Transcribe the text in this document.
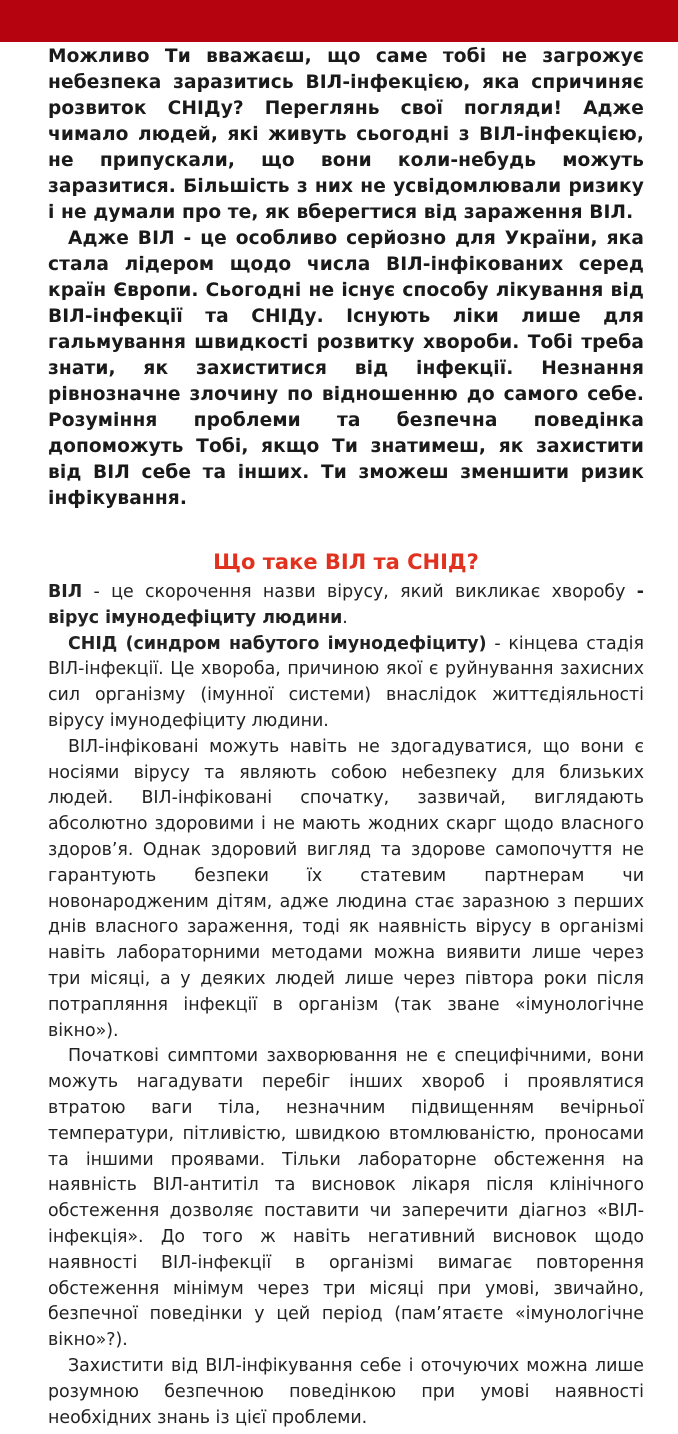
Можливо Ти вважаєш, що саме тобі не загрожує небезпека заразитись ВІЛ-інфекцією, яка спричиняє розвиток СНІДу? Переглянь свої погляди! Адже чимало людей, які живуть сьогодні з ВІЛ-інфекцією, не припускали, що вони коли-небудь можуть заразитися. Більшість з них не усвідомлювали ризику і не думали про те, як вберегтися від зараження ВІЛ.

Адже ВІЛ - це особливо серйозно для України, яка стала лідером щодо числа ВІЛ-інфікованих серед країн Європи. Сьогодні не існує способу лікування від ВІЛ-інфекції та СНІДу. Існують ліки лише для гальмування швидкості розвитку хвороби. Тобі треба знати, як захиститися від інфекції. Незнання рівнозначне злочину по відношенню до самого себе. Розуміння проблеми та безпечна поведінка допоможуть Тобі, якщо Ти знатимеш, як захистити від ВІЛ себе та інших. Ти зможеш зменшити ризик інфікування.

Що таке ВІЛ та СНІД?

ВІЛ - це скорочення назви вірусу, який викликає хворобу - вірус імунодефіциту людини.

СНІД (синдром набутого імунодефіциту) - кінцева стадія ВІЛ-інфекції. Це хвороба, причиною якої є руйнування захисних сил організму (імунної системи) внаслідок життєдіяльності вірусу імунодефіциту людини.

ВІЛ-інфіковані можуть навіть не здогадуватися, що вони є носіями вірусу та являють собою небезпеку для близьких людей. ВІЛ-інфіковані спочатку, зазвичай, виглядають абсолютно здоровими і не мають жодних скарг щодо власного здоров’я. Однак здоровий вигляд та здорове самопочуття не гарантують безпеки їх статевим партнерам чи новонародженим дітям, адже людина стає заразною з перших днів власного зараження, тоді як наявність вірусу в організмі навіть лабораторними методами можна виявити лише через три місяці, а у деяких людей лише через півтора роки після потрапляння інфекції в організм (так зване «імунологічне вікно»).

Початкові симптоми захворювання не є специфічними, вони можуть нагадувати перебіг інших хвороб і проявлятися втратою ваги тіла, незначним підвищенням вечірньої температури, пітливістю, швидкою втомлюваністю, проносами та іншими проявами. Тільки лабораторне обстеження на наявність ВІЛ-антитіл та висновок лікаря після клінічного обстеження дозволяє поставити чи заперечити діагноз «ВІЛ-інфекція». До того ж навіть негативний висновок щодо наявності ВІЛ-інфекції в організмі вимагає повторення обстеження мінімум через три місяці при умові, звичайно, безпечної поведінки у цей період (пам’ятаєте «імунологічне вікно»?).

Захистити від ВІЛ-інфікування себе і оточуючих можна лише розумною безпечною поведінкою при умові наявності необхідних знань із цієї проблеми.
